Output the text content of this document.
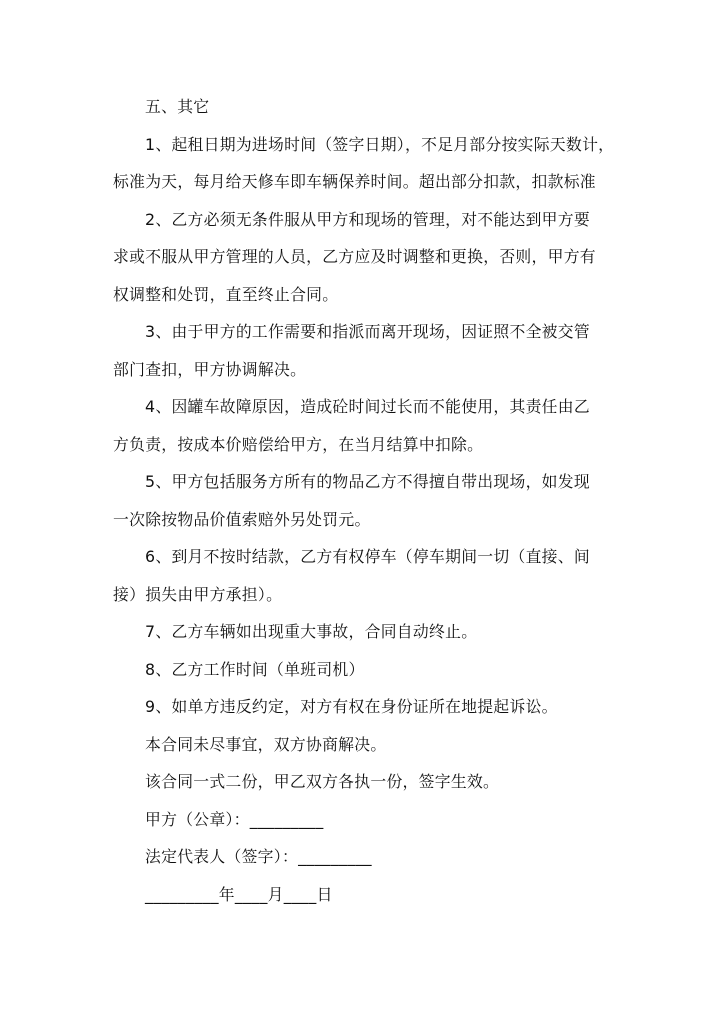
五、其它
1、起租日期为进场时间（签字日期），不足月部分按实际天数计，
标准为天，每月给天修车即车辆保养时间。超出部分扣款，扣款标准
2、乙方必须无条件服从甲方和现场的管理，对不能达到甲方要
求或不服从甲方管理的人员，乙方应及时调整和更换，否则，甲方有
权调整和处罚，直至终止合同。
3、由于甲方的工作需要和指派而离开现场，因证照不全被交管
部门查扣，甲方协调解决。
4、因罐车故障原因，造成砼时间过长而不能使用，其责任由乙
方负责，按成本价赔偿给甲方，在当月结算中扣除。
5、甲方包括服务方所有的物品乙方不得擅自带出现场，如发现
一次除按物品价值索赔外另处罚元。
6、到月不按时结款，乙方有权停车（停车期间一切（直接、间
接）损失由甲方承担）。
7、乙方车辆如出现重大事故，合同自动终止。
8、乙方工作时间（单班司机）
9、如单方违反约定，对方有权在身份证所在地提起诉讼。
本合同未尽事宜，双方协商解决。
该合同一式二份，甲乙双方各执一份，签字生效。
甲方（公章）：_________
法定代表人（签字）：_________
_________年____月____日
